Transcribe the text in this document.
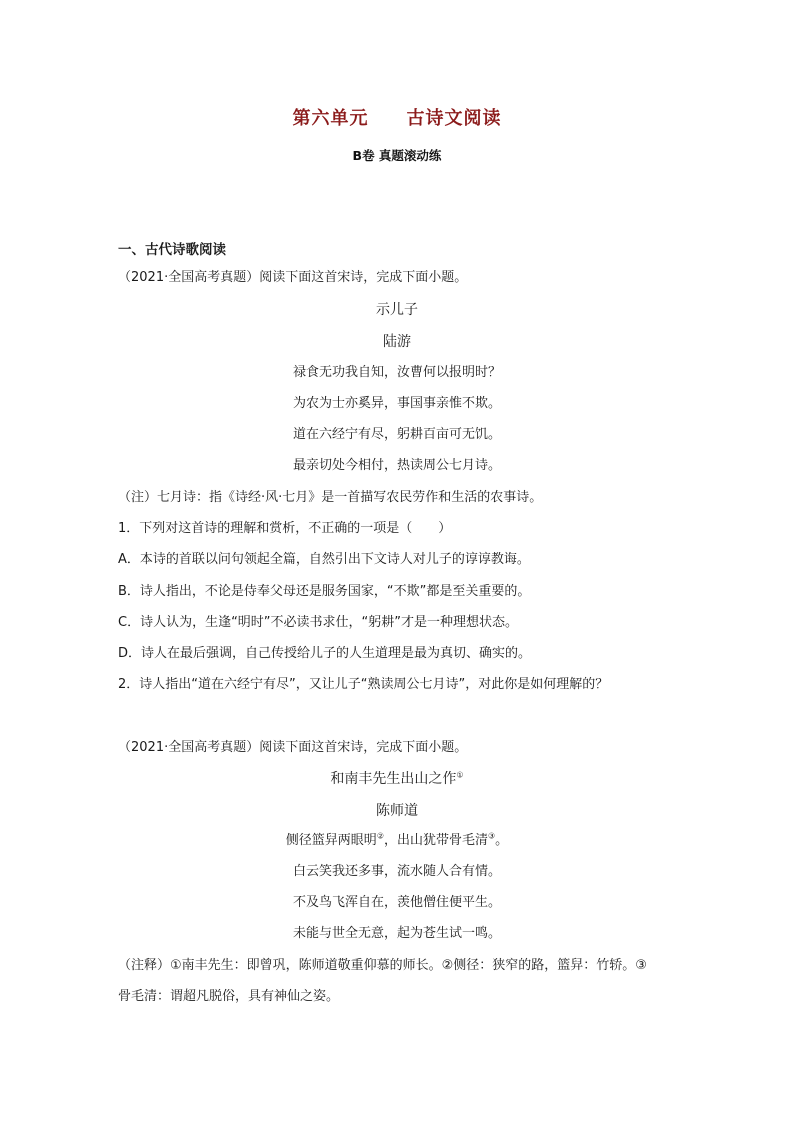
第六单元 古诗文阅读
B卷 真题滚动练
一、古代诗歌阅读
（2021·全国高考真题）阅读下面这首宋诗，完成下面小题。
示儿子
陆游
禄食无功我自知，汝曹何以报明时？
为农为士亦奚异，事国事亲惟不欺。
道在六经宁有尽，躬耕百亩可无饥。
最亲切处今相付，热读周公七月诗。
（注）七月诗：指《诗经·风·七月》是一首描写农民劳作和生活的农事诗。
1．下列对这首诗的理解和赏析，不正确的一项是（　　）
A．本诗的首联以问句领起全篇，自然引出下文诗人对儿子的谆谆教诲。
B．诗人指出，不论是侍奉父母还是服务国家，“不欺”都是至关重要的。
C．诗人认为，生逢“明时”不必读书求仕，“躬耕”才是一种理想状态。
D．诗人在最后强调，自己传授给儿子的人生道理是最为真切、确实的。
2．诗人指出“道在六经宁有尽”，又让儿子“熟读周公七月诗”，对此你是如何理解的？
（2021·全国高考真题）阅读下面这首宋诗，完成下面小题。
和南丰先生出山之作①
陈师道
侧径篮舁两眼明②，出山犹带骨毛清③。
白云笑我还多事，流水随人合有情。
不及鸟飞浑自在，羡他僧住便平生。
未能与世全无意，起为苍生试一鸣。
（注释）①南丰先生：即曾巩，陈师道敬重仰慕的师长。②侧径：狭窄的路，篮舁：竹轿。③
骨毛清：谓超凡脱俗，具有神仙之姿。
